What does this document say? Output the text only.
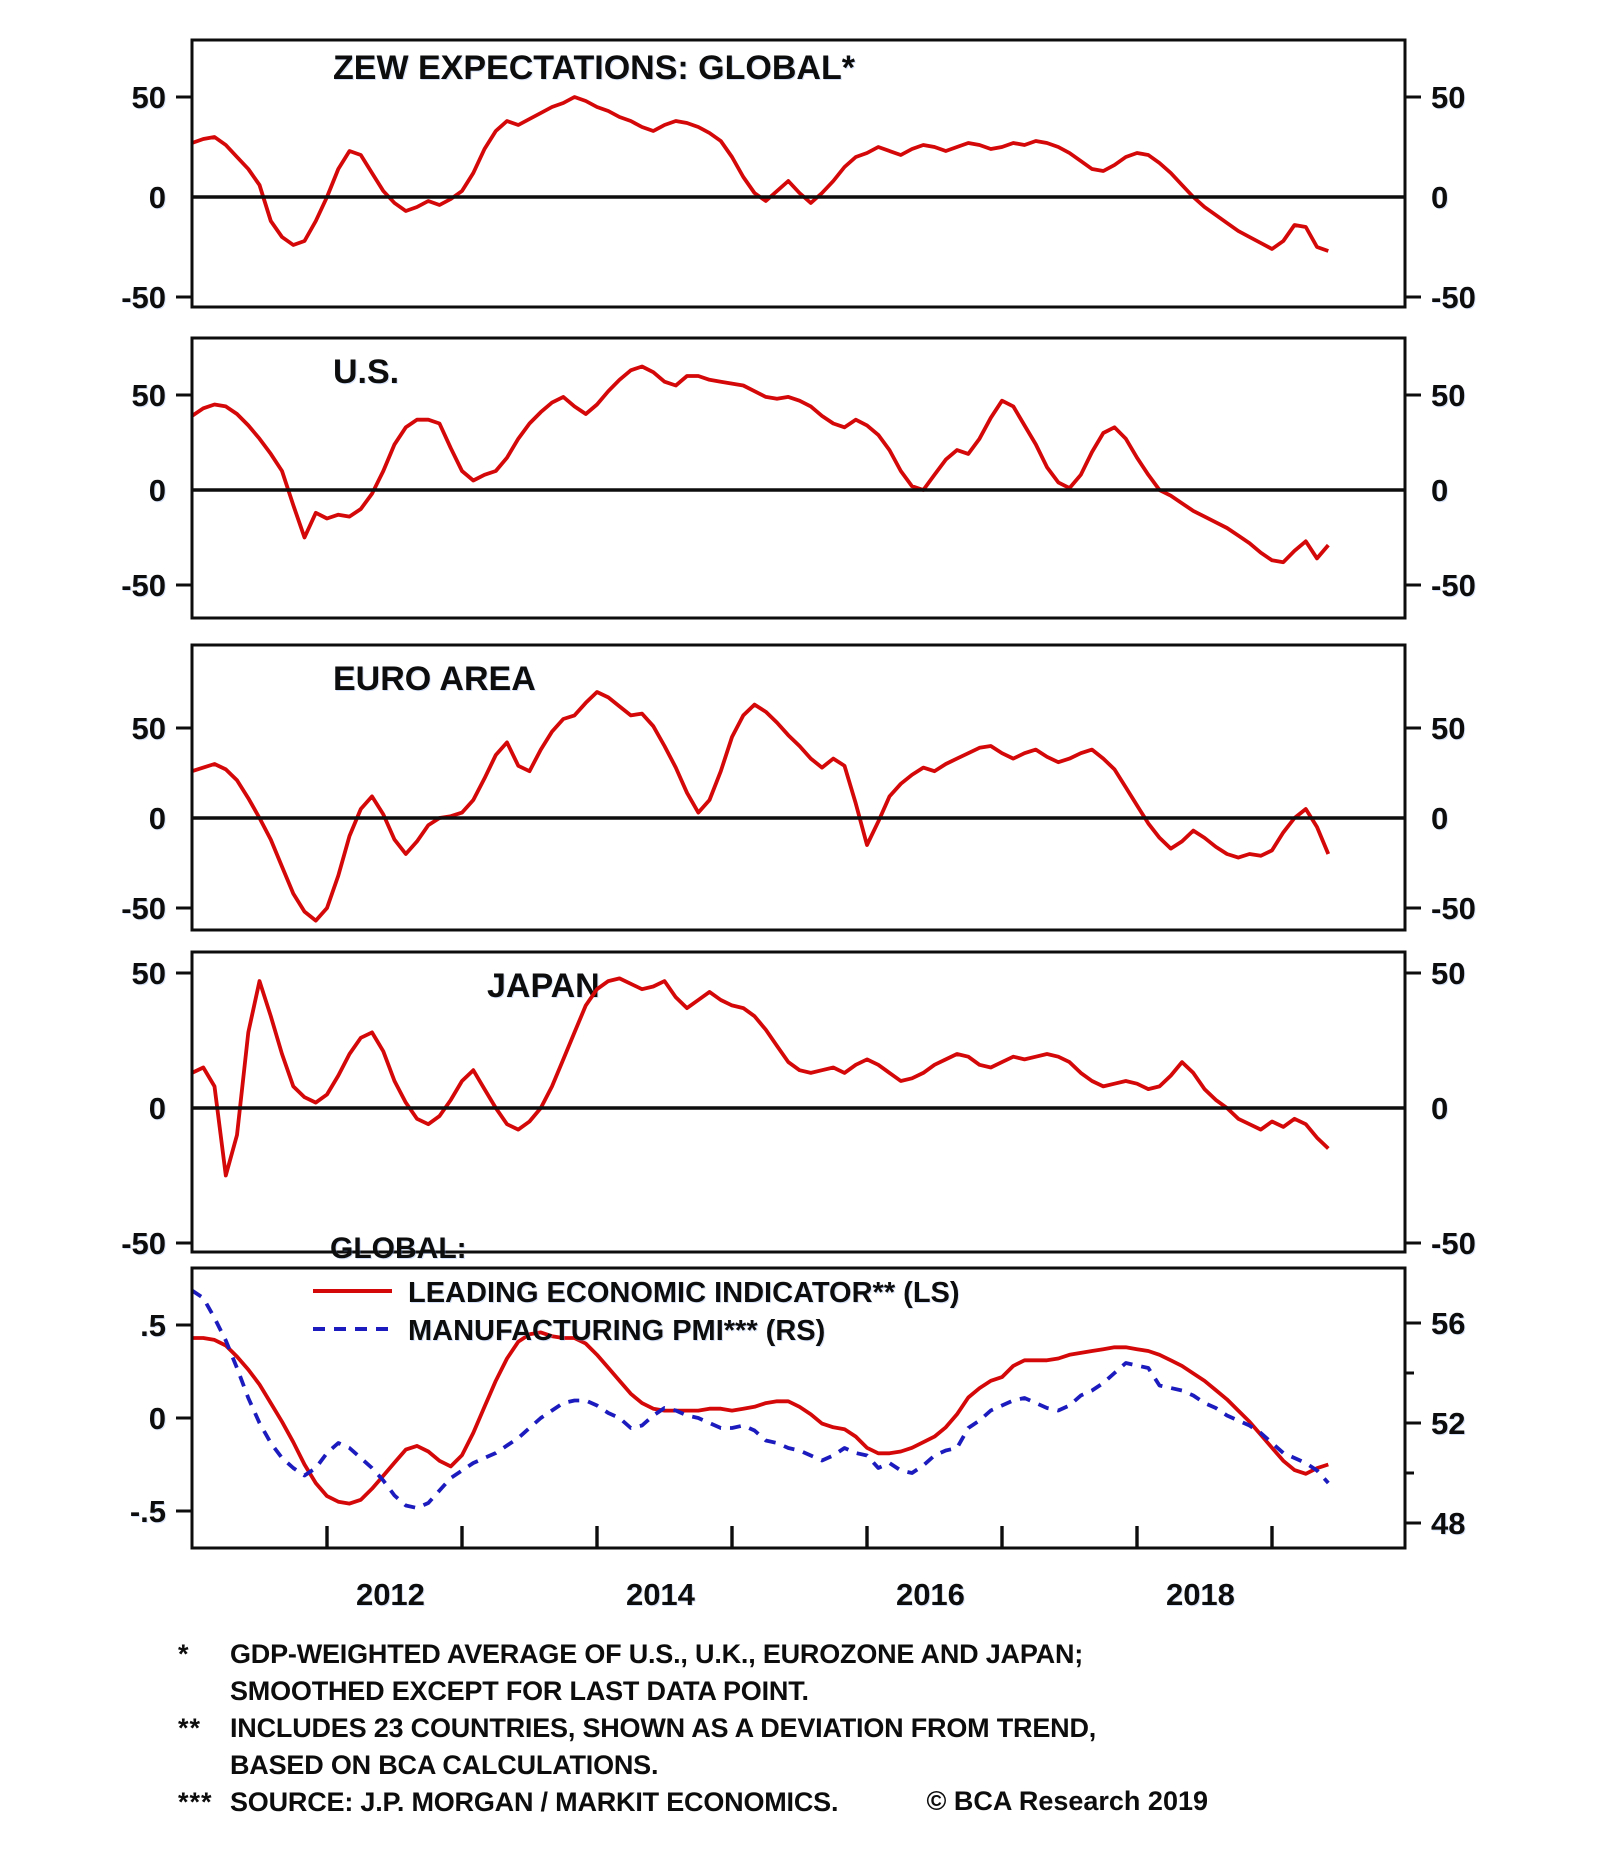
50	50
0	0
-50	-50
ZEW EXPECTATIONS: GLOBAL*
50	50
0	0
-50	-50
U.S.
50	50
0	0
-50	-50
EURO AREA
50	50
0	0
-50	-50
JAPAN
.5
0
-.5
56
52
48
2012	2014	2016	2018
GLOBAL:
LEADING ECONOMIC INDICATOR** (LS)
MANUFACTURING PMI*** (RS)
*	GDP-WEIGHTED AVERAGE OF U.S., U.K., EUROZONE AND JAPAN; SMOOTHED EXCEPT FOR LAST DATA POINT.
**	INCLUDES 23 COUNTRIES, SHOWN AS A DEVIATION FROM TREND, BASED ON BCA CALCULATIONS.
*** SOURCE: J.P. MORGAN / MARKIT ECONOMICS.	© BCA Research 2019
